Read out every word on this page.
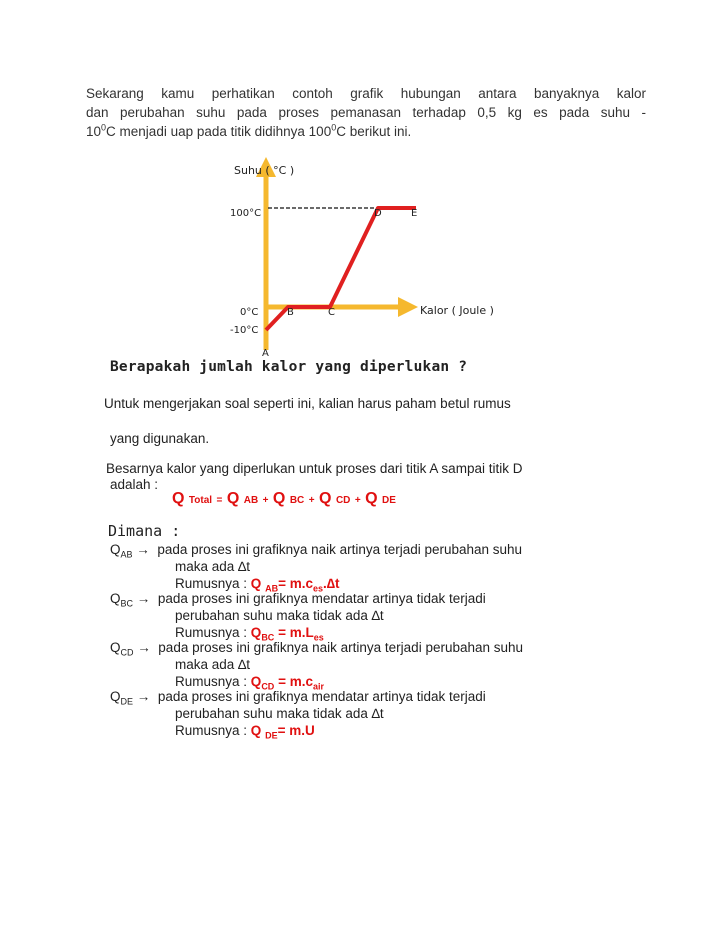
Sekarang kamu perhatikan contoh grafik hubungan antara banyaknya kalor
dan perubahan suhu pada proses pemanasan terhadap 0,5 kg es pada suhu -
$10^0C$ menjadi uap pada titik didihnya $100^0C$ berikut ini.
Suhu ( °C )
Kalor ( Joule )
100°C
0°C
-10°C
A
B	C
D	E
Berapakah jumlah kalor yang diperlukan ?
Untuk mengerjakan soal seperti ini, kalian harus paham betul rumus
yang digunakan.
Besarnya kalor yang diperlukan untuk proses dari titik A sampai titik D
adalah :
Q Total = Q AB + Q BC + Q CD + Q DE
Dimana :
$Q_{AB}$ → pada proses ini grafiknya naik artinya terjadi perubahan suhu
maka ada ∆t
Rumusnya : Q $_{AB}= m.c_{es}.\Delta t$
$Q_{BC}$ → pada proses ini grafiknya mendatar artinya tidak terjadi
perubahan suhu maka tidak ada ∆t
Rumusnya : $Q_{BC} = m.L_{es}$
$Q_{CD}$ → pada proses ini grafiknya naik artinya terjadi perubahan suhu
maka ada ∆t
Rumusnya : $Q_{CD} = m.c_{air}$
$Q_{DE}$ → pada proses ini grafiknya mendatar artinya tidak terjadi
perubahan suhu maka tidak ada ∆t
Rumusnya : Q $_{DE}$= m.U
